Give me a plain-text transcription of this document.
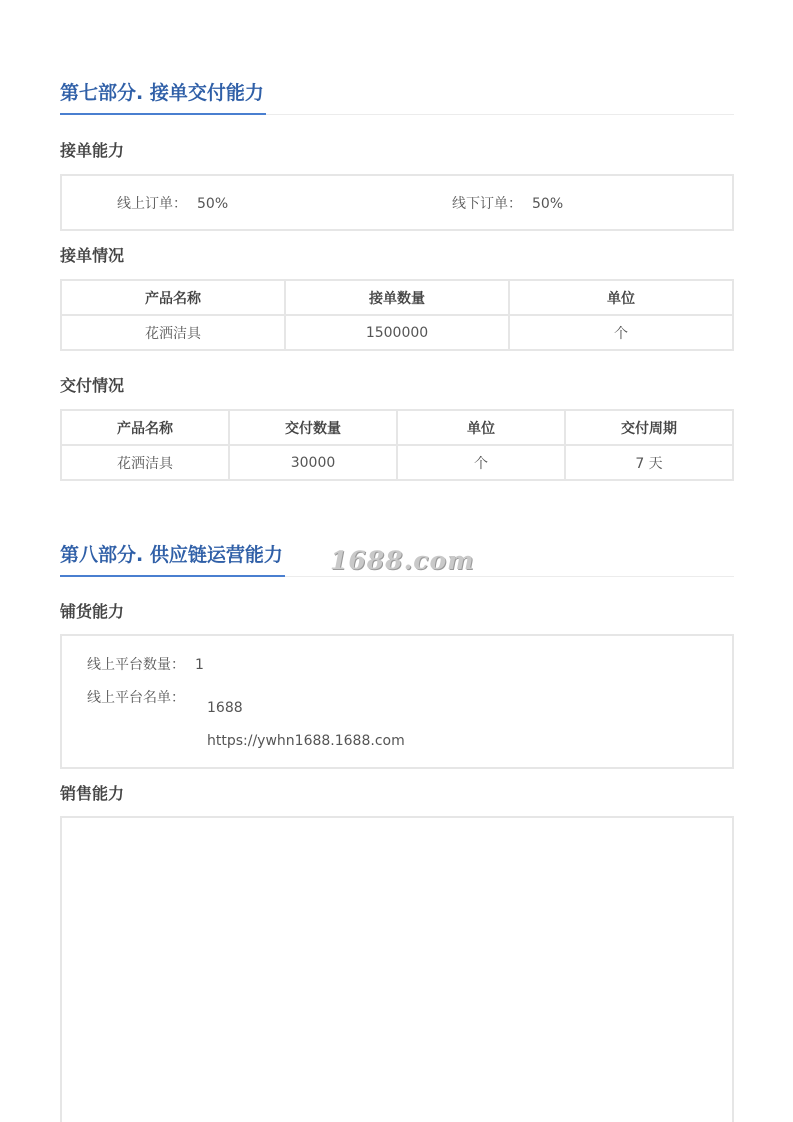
第七部分. 接单交付能力
接单能力
线上订单： 50%	线下订单： 50%
接单情况
产品名称	接单数量	单位
花洒洁具	1500000	个
交付情况
产品名称	交付数量	单位	交付周期
花洒洁具	30000	个	7 天
第八部分. 供应链运营能力 1688.com
铺货能力
线上平台数量： 1
线上平台名单：
1688
https://ywhn1688.1688.com
销售能力
